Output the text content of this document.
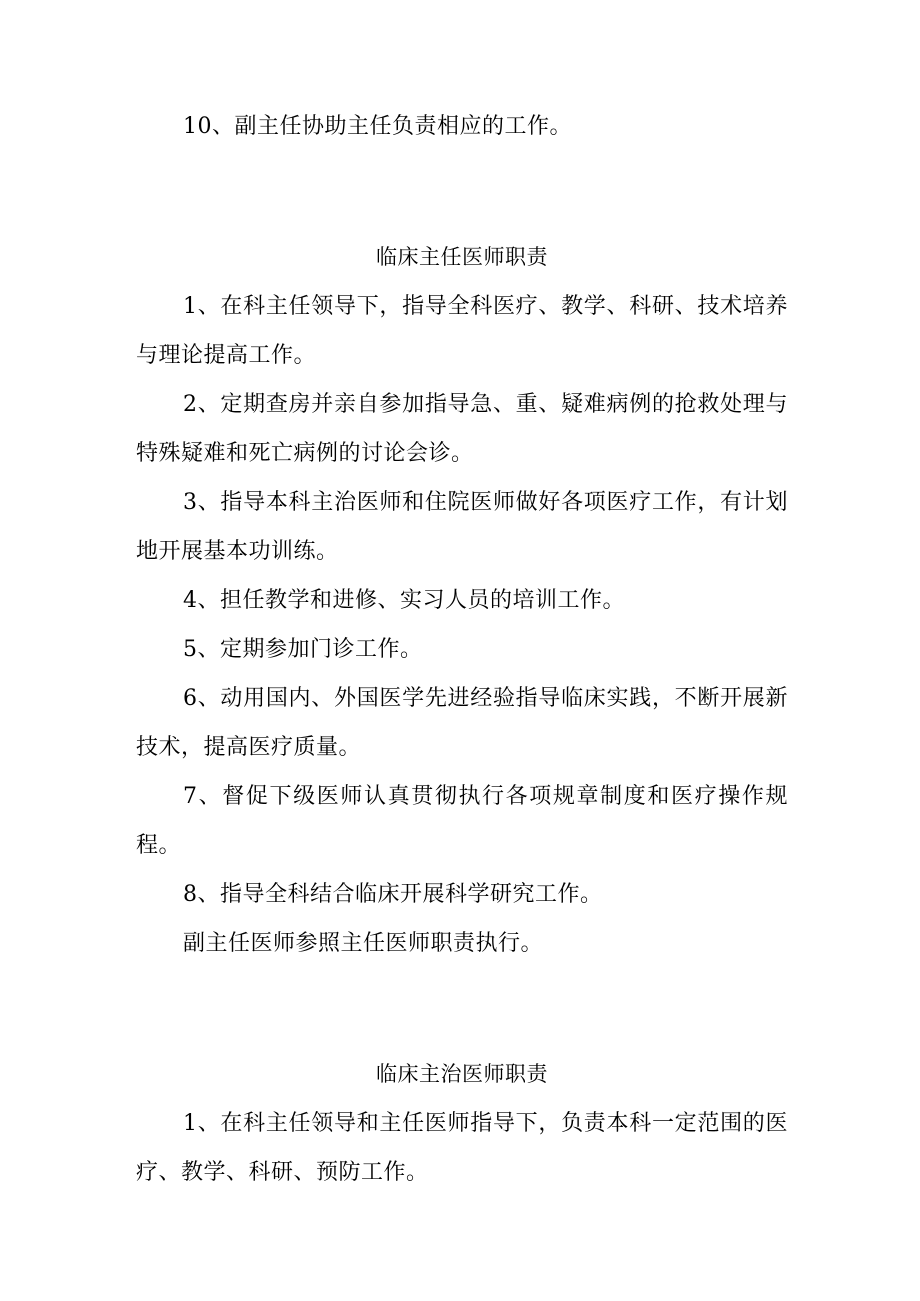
10、副主任协助主任负责相应的工作。

临床主任医师职责

1、在科主任领导下，指导全科医疗、教学、科研、技术培养与理论提高工作。

2、定期查房并亲自参加指导急、重、疑难病例的抢救处理与特殊疑难和死亡病例的讨论会诊。

3、指导本科主治医师和住院医师做好各项医疗工作，有计划地开展基本功训练。

4、担任教学和进修、实习人员的培训工作。

5、定期参加门诊工作。

6、动用国内、外国医学先进经验指导临床实践，不断开展新技术，提高医疗质量。

7、督促下级医师认真贯彻执行各项规章制度和医疗操作规程。

8、指导全科结合临床开展科学研究工作。

副主任医师参照主任医师职责执行。

临床主治医师职责

1、在科主任领导和主任医师指导下，负责本科一定范围的医疗、教学、科研、预防工作。
